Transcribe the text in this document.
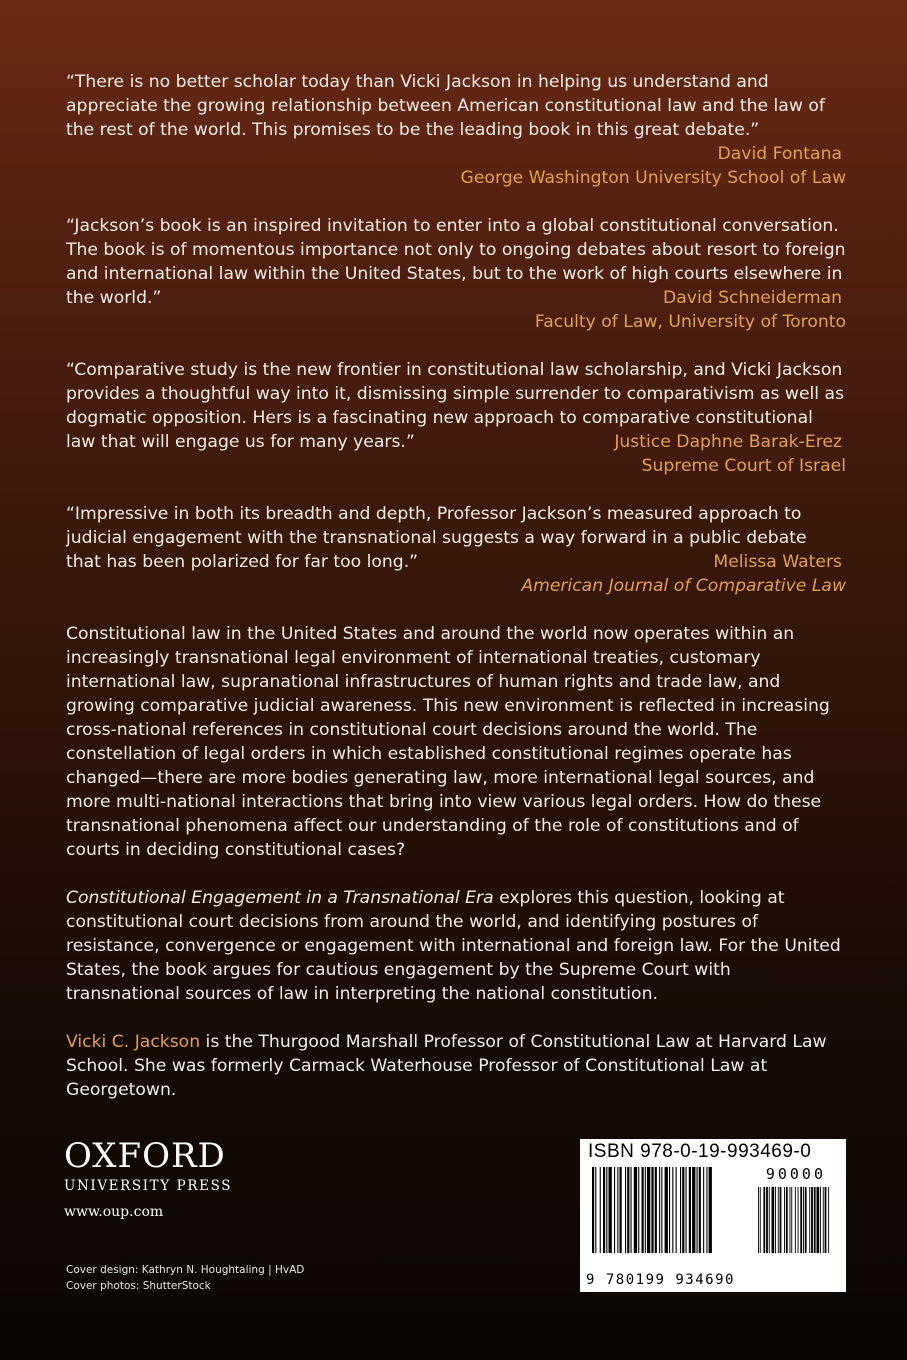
“There is no better scholar today than Vicki Jackson in helping us understand and appreciate the growing relationship between American constitutional law and the law of the rest of the world. This promises to be the leading book in this great debate.”

David Fontana
George Washington University School of Law

“Jackson’s book is an inspired invitation to enter into a global constitutional conversation. The book is of momentous importance not only to ongoing debates about resort to foreign and international law within the United States, but to the work of high courts elsewhere in the world.”	David Schneiderman
Faculty of Law, University of Toronto

“Comparative study is the new frontier in constitutional law scholarship, and Vicki Jackson provides a thoughtful way into it, dismissing simple surrender to comparativism as well as dogmatic opposition. Hers is a fascinating new approach to comparative constitutional law that will engage us for many years.”	Justice Daphne Barak-Erez
Supreme Court of Israel

“Impressive in both its breadth and depth, Professor Jackson’s measured approach to judicial engagement with the transnational suggests a way forward in a public debate that has been polarized for far too long.”	Melissa Waters
American Journal of Comparative Law

Constitutional law in the United States and around the world now operates within an increasingly transnational legal environment of international treaties, customary international law, supranational infrastructures of human rights and trade law, and growing comparative judicial awareness. This new environment is reflected in increasing cross-national references in constitutional court decisions around the world. The constellation of legal orders in which established constitutional regimes operate has changed—there are more bodies generating law, more international legal sources, and more multi-national interactions that bring into view various legal orders. How do these transnational phenomena affect our understanding of the role of constitutions and of courts in deciding constitutional cases?

Constitutional Engagement in a Transnational Era explores this question, looking at constitutional court decisions from around the world, and identifying postures of resistance, convergence or engagement with international and foreign law. For the United States, the book argues for cautious engagement by the Supreme Court with transnational sources of law in interpreting the national constitution.

Vicki C. Jackson is the Thurgood Marshall Professor of Constitutional Law at Harvard Law School. She was formerly Carmack Waterhouse Professor of Constitutional Law at Georgetown.

OXFORD
UNIVERSITY PRESS
www.oup.com
Cover design: Kathryn N. Houghtaling | HvAD
Cover photos: ShutterStock
ISBN 978-0-19-993469-0
90000
9 780199 934690
